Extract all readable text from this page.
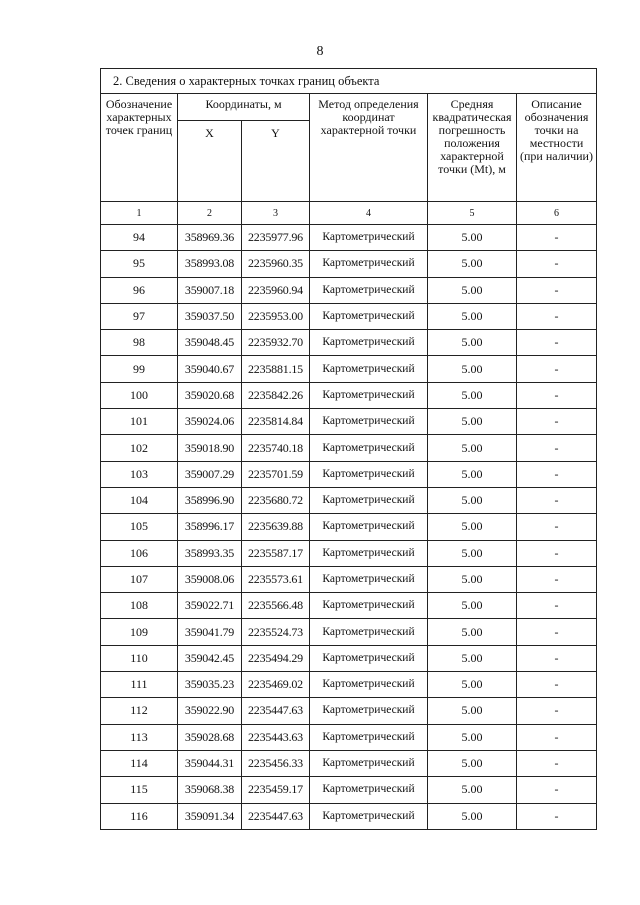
8
2. Сведения о характерных точках границ объекта					
Обозначение характерных точек границ	Координаты, м		Метод определения координат характерной точки	Средняя квадратическая погрешность положения характерной точки (Mt), м	Описание обозначения точки на местности (при наличии)
	X	Y			
1	2	3	4	5	6
94	358969.36	2235977.96	Картометрический	5.00	-
95	358993.08	2235960.35	Картометрический	5.00	-
96	359007.18	2235960.94	Картометрический	5.00	-
97	359037.50	2235953.00	Картометрический	5.00	-
98	359048.45	2235932.70	Картометрический	5.00	-
99	359040.67	2235881.15	Картометрический	5.00	-
100	359020.68	2235842.26	Картометрический	5.00	-
101	359024.06	2235814.84	Картометрический	5.00	-
102	359018.90	2235740.18	Картометрический	5.00	-
103	359007.29	2235701.59	Картометрический	5.00	-
104	358996.90	2235680.72	Картометрический	5.00	-
105	358996.17	2235639.88	Картометрический	5.00	-
106	358993.35	2235587.17	Картометрический	5.00	-
107	359008.06	2235573.61	Картометрический	5.00	-
108	359022.71	2235566.48	Картометрический	5.00	-
109	359041.79	2235524.73	Картометрический	5.00	-
110	359042.45	2235494.29	Картометрический	5.00	-
111	359035.23	2235469.02	Картометрический	5.00	-
112	359022.90	2235447.63	Картометрический	5.00	-
113	359028.68	2235443.63	Картометрический	5.00	-
114	359044.31	2235456.33	Картометрический	5.00	-
115	359068.38	2235459.17	Картометрический	5.00	-
116	359091.34	2235447.63	Картометрический	5.00	-
